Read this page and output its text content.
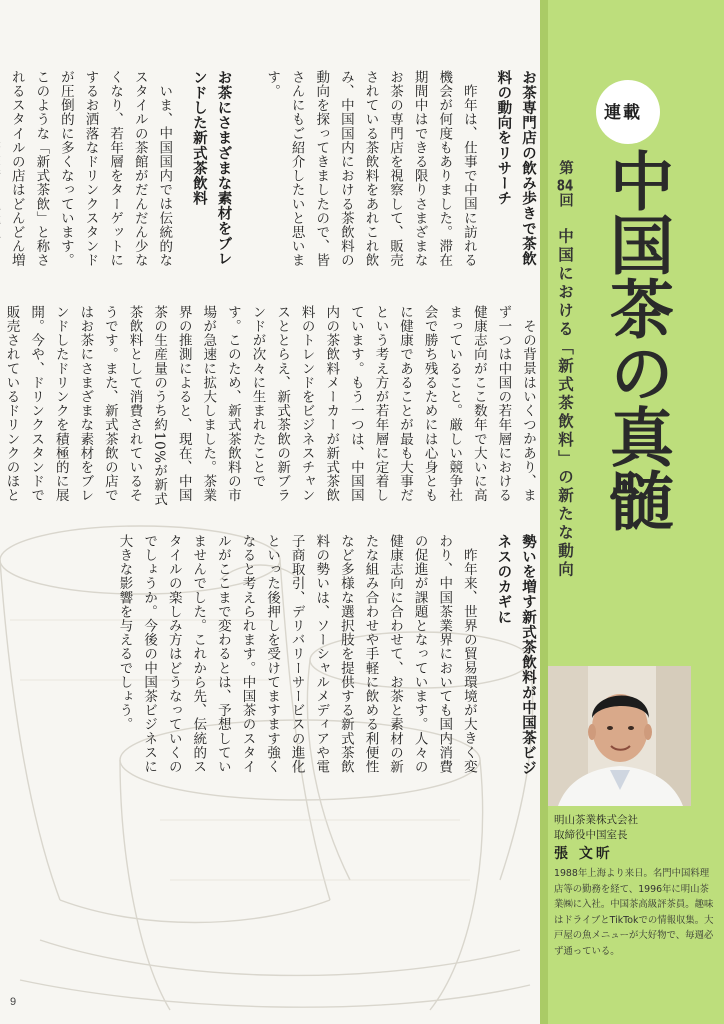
お茶専門店の飲み歩きで茶飲料の動向をリサーチ

昨年は、仕事で中国に訪れる機会が何度もありました。滞在期間中はできる限りさまざまなお茶の専門店を視察して、販売されている茶飲料をあれこれ飲み、中国国内における茶飲料の動向を探ってきましたので、皆さんにもご紹介したいと思います。

お茶にさまざまな素材をブレンドした新式茶飲料

いま、中国国内では伝統的なスタイルの茶館がだんだん少なくなり、若年層をターゲットにするお洒落なドリンクスタンドが圧倒的に多くなっています。このような「新式茶飲」と称されるスタイルの店はどんどん増

その背景はいくつかあり、まず一つは中国の若年層における健康志向がここ数年で大いに高まっていること。厳しい競争社会で勝ち残るためには心身ともに健康であることが最も大事だという考え方が若年層に定着しています。もう一つは、中国国内の茶飲料メーカーが新式茶飲料のトレンドをビジネスチャンスととらえ、新式茶飲の新ブランドが次々に生まれたことです。このため、新式茶飲料の市場が急速に拡大しました。茶業界の推測によると、現在、中国茶の生産量のうち約10%が新式茶飲料として消費されているそうです。また、新式茶飲の店ではお茶にさまざまな素材をブレンドしたドリンクを積極的に展開。今や、ドリンクスタンドで販売されているドリンクのほと

勢いを増す新式茶飲料が中国茶ビジネスのカギに

昨年来、世界の貿易環境が大きく変わり、中国茶業界においても国内消費の促進が課題となっています。人々の健康志向に合わせて、お茶と素材の新たな組み合わせや手軽に飲める利便性など多様な選択肢を提供する新式茶飲料の勢いは、ソーシャルメディアや電子商取引、デリバリーサービスの進化といった後押しを受けてますます強くなると考えられます。中国茶のスタイルがここまで変わるとは、予想していませんでした。これから先、伝統的スタイルの楽しみ方はどうなっていくのでしょうか。今後の中国茶ビジネスに大きな影響を与えるでしょう。

連載
中国茶の真髄
第84回
中国における「新式茶飲料」の新たな動向
明山茶業株式会社
取締役中国室長
張 文昕
1988年上海より来日。名門中国料理店等の勤務を経て、1996年に明山茶業㈱に入社。中国茶高級評茶員。趣味はドライブとTikTokでの情報収集。大戸屋の魚メニューが大好物で、毎週必ず通っている。
9
